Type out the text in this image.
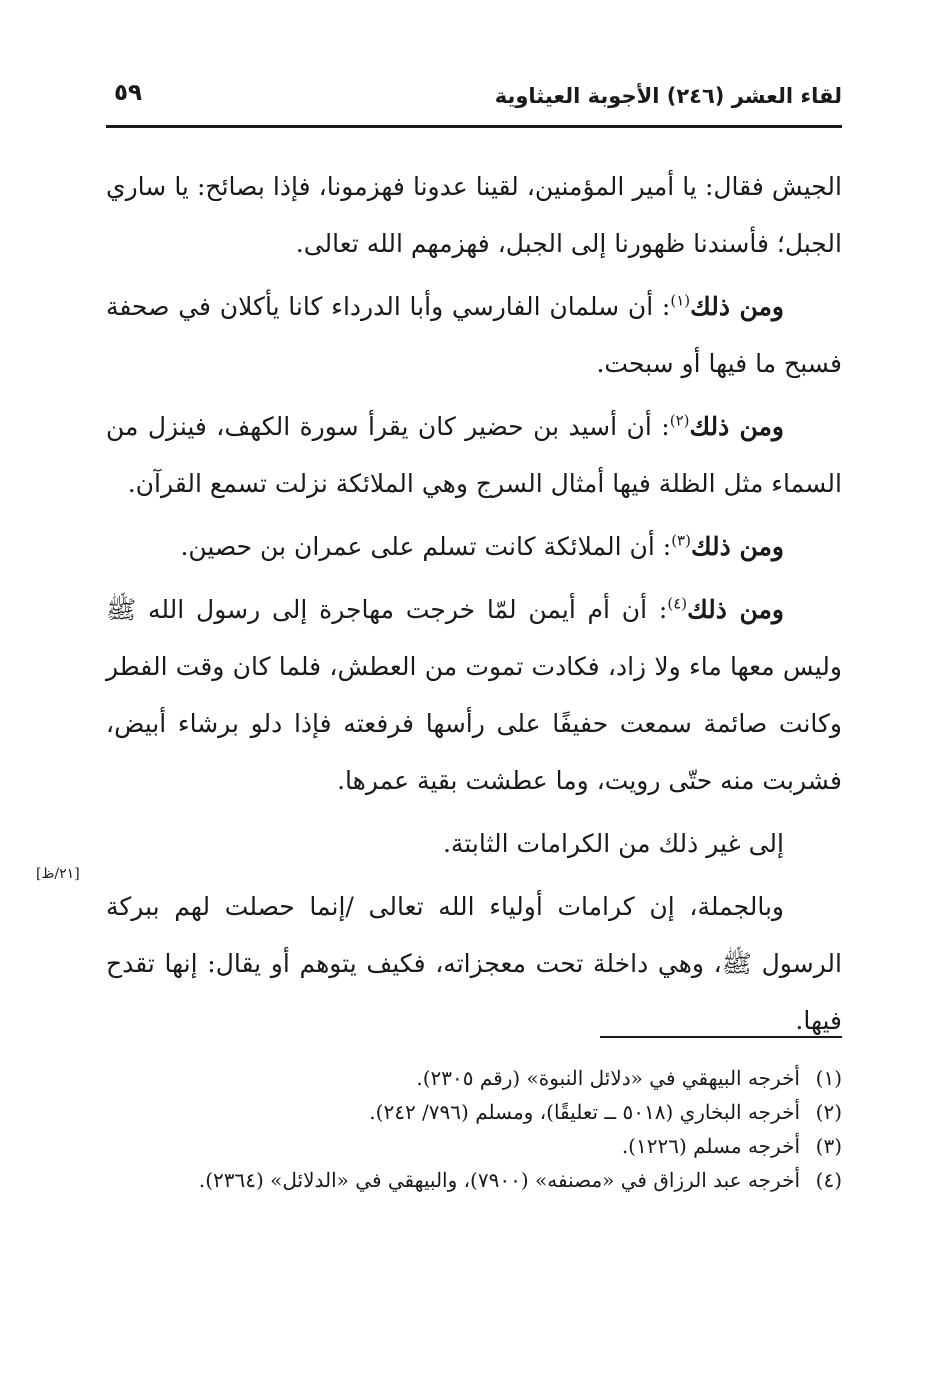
لقاء العشر (٢٤٦) الأجوبة العيثاوية
٥٩

الجيش فقال: يا أمير المؤمنين، لقينا عدونا فهزمونا، فإذا بصائح: يا ساري الجبل؛ فأسندنا ظهورنا إلى الجبل، فهزمهم الله تعالى.

ومن ذلك$^{(١)}$: أن سلمان الفارسي وأبا الدرداء كانا يأكلان في صحفة فسبح ما فيها أو سبحت.

ومن ذلك$^{(٢)}$: أن أسيد بن حضير كان يقرأ سورة الكهف، فينزل من السماء مثل الظلة فيها أمثال السرج وهي الملائكة نزلت تسمع القرآن.

ومن ذلك$^{(٣)}$: أن الملائكة كانت تسلم على عمران بن حصين.

ومن ذلك$^{(٤)}$: أن أم أيمن لمّا خرجت مهاجرة إلى رسول الله ﷺ وليس معها ماء ولا زاد، فكادت تموت من العطش، فلما كان وقت الفطر وكانت صائمة سمعت حفيفًا على رأسها فرفعته فإذا دلو برشاء أبيض، فشربت منه حتّى رويت، وما عطشت بقية عمرها.

إلى غير ذلك من الكرامات الثابتة.

وبالجملة، إن كرامات أولياء الله تعالى /إنما حصلت لهم ببركة الرسول ﷺ، وهي داخلة تحت معجزاته، فكيف يتوهم أو يقال: إنها تقدح فيها.

[٢١/ظ]
(١)
أخرجه البيهقي في «دلائل النبوة» (رقم ٢٣٠٥).
(٢)
أخرجه البخاري (٥٠١٨ ــ تعليقًا)، ومسلم (٧٩٦/ ٢٤٢).
(٣)
أخرجه مسلم (١٢٢٦).
(٤)
أخرجه عبد الرزاق في «مصنفه» (٧٩٠٠)، والبيهقي في «الدلائل» (٢٣٦٤).
